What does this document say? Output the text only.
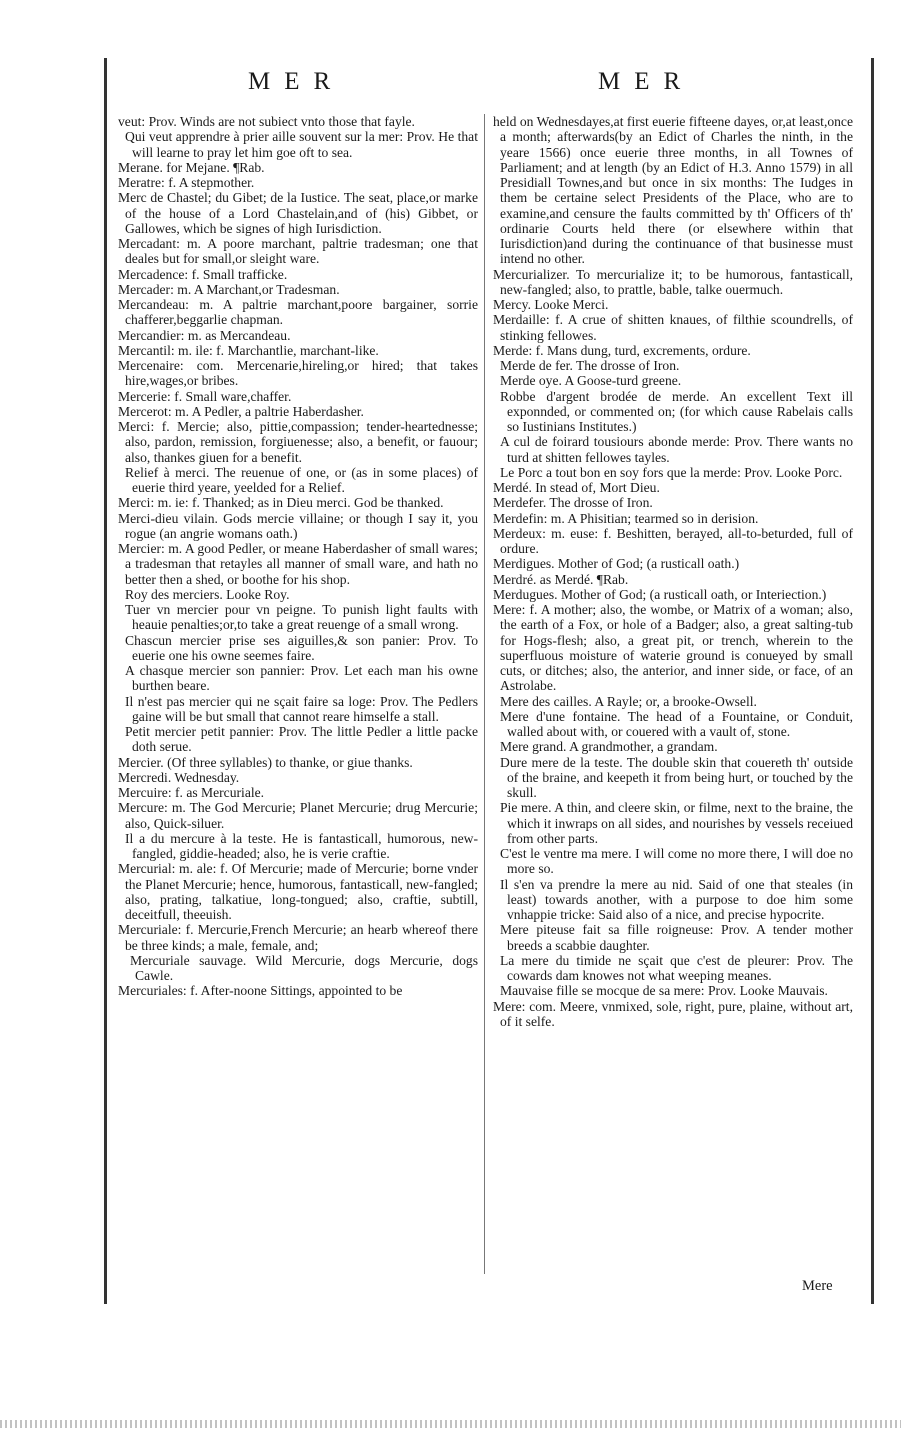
MER	MER

veut: Prov. Winds are not subiect vnto those that fayle.

Qui veut apprendre à prier aille souvent sur la mer: Prov. He that will learne to pray let him goe oft to sea.

Merane. for Mejane. ¶Rab.

Meratre: f. A stepmother.

Merc de Chastel; du Gibet; de la Iustice. The seat, place,or marke of the house of a Lord Chastelain,and of (his) Gibbet, or Gallowes, which be signes of high Iurisdiction.

Mercadant: m. A poore marchant, paltrie tradesman; one that deales but for small,or sleight ware.

Mercadence: f. Small trafficke.

Mercader: m. A Marchant,or Tradesman.

Mercandeau: m. A paltrie marchant,poore bargainer, sorrie chafferer,beggarlie chapman.

Mercandier: m. as Mercandeau.

Mercantil: m. ile: f. Marchantlie, marchant-like.

Mercenaire: com. Mercenarie,hireling,or hired; that takes hire,wages,or bribes.

Mercerie: f. Small ware,chaffer.

Mercerot: m. A Pedler, a paltrie Haberdasher.

Merci: f. Mercie; also, pittie,compassion; tender-heartednesse; also, pardon, remission, forgiuenesse; also, a benefit, or fauour; also, thankes giuen for a benefit.

Relief à merci. The reuenue of one, or (as in some places) of euerie third yeare, yeelded for a Relief.

Merci: m. ie: f. Thanked; as in Dieu merci. God be thanked.

Merci-dieu vilain. Gods mercie villaine; or though I say it, you rogue (an angrie womans oath.)

Mercier: m. A good Pedler, or meane Haberdasher of small wares; a tradesman that retayles all manner of small ware, and hath no better then a shed, or boothe for his shop.

Roy des merciers. Looke Roy.

Tuer vn mercier pour vn peigne. To punish light faults with heauie penalties;or,to take a great reuenge of a small wrong.

Chascun mercier prise ses aiguilles,& son panier: Prov. To euerie one his owne seemes faire.

A chasque mercier son pannier: Prov. Let each man his owne burthen beare.

Il n'est pas mercier qui ne sçait faire sa loge: Prov. The Pedlers gaine will be but small that cannot reare himselfe a stall.

Petit mercier petit pannier: Prov. The little Pedler a little packe doth serue.

Mercier. (Of three syllables) to thanke, or giue thanks.

Mercredi. Wednesday.

Mercuire: f. as Mercuriale.

Mercure: m. The God Mercurie; Planet Mercurie; drug Mercurie; also, Quick-siluer.

Il a du mercure à la teste. He is fantasticall, humorous, new-fangled, giddie-headed; also, he is verie craftie.

Mercurial: m. ale: f. Of Mercurie; made of Mercurie; borne vnder the Planet Mercurie; hence, humorous, fantasticall, new-fangled; also, prating, talkatiue, long-tongued; also, craftie, subtill, deceitfull, theeuish.

Mercuriale: f. Mercurie,French Mercurie; an hearb whereof there be three kinds; a male, female, and;

Mercuriale sauvage. Wild Mercurie, dogs Mercurie, dogs Cawle.

Mercuriales: f. After-noone Sittings, appointed to be

held on Wednesdayes,at first euerie fifteene dayes, or,at least,once a month; afterwards(by an Edict of Charles the ninth, in the yeare 1566) once euerie three months, in all Townes of Parliament; and at length (by an Edict of H.3. Anno 1579) in all Presidiall Townes,and but once in six months: The Iudges in them be certaine select Presidents of the Place, who are to examine,and censure the faults committed by th' Officers of th' ordinarie Courts held there (or elsewhere within that Iurisdiction)and during the continuance of that businesse must intend no other.

Mercurializer. To mercurialize it; to be humorous, fantasticall, new-fangled; also, to prattle, bable, talke ouermuch.

Mercy. Looke Merci.

Merdaille: f. A crue of shitten knaues, of filthie scoundrells, of stinking fellowes.

Merde: f. Mans dung, turd, excrements, ordure.

Merde de fer. The drosse of Iron.

Merde oye. A Goose-turd greene.

Robbe d'argent brodée de merde. An excellent Text ill exponnded, or commented on; (for which cause Rabelais calls so Iustinians Institutes.)

A cul de foirard tousiours abonde merde: Prov. There wants no turd at shitten fellowes tayles.

Le Porc a tout bon en soy fors que la merde: Prov. Looke Porc.

Merdé. In stead of, Mort Dieu.

Merdefer. The drosse of Iron.

Merdefin: m. A Phisitian; tearmed so in derision.

Merdeux: m. euse: f. Beshitten, berayed, all-to-beturded, full of ordure.

Merdigues. Mother of God; (a rusticall oath.)

Merdré. as Merdé. ¶Rab.

Merdugues. Mother of God; (a rusticall oath, or Interiection.)

Mere: f. A mother; also, the wombe, or Matrix of a woman; also, the earth of a Fox, or hole of a Badger; also, a great salting-tub for Hogs-flesh; also, a great pit, or trench, wherein to the superfluous moisture of waterie ground is conueyed by small cuts, or ditches; also, the anterior, and inner side, or face, of an Astrolabe.

Mere des cailles. A Rayle; or, a brooke-Owsell.

Mere d'une fontaine. The head of a Fountaine, or Conduit, walled about with, or couered with a vault of, stone.

Mere grand. A grandmother, a grandam.

Dure mere de la teste. The double skin that couereth th' outside of the braine, and keepeth it from being hurt, or touched by the skull.

Pie mere. A thin, and cleere skin, or filme, next to the braine, the which it inwraps on all sides, and nourishes by vessels receiued from other parts.

C'est le ventre ma mere. I will come no more there, I will doe no more so.

Il s'en va prendre la mere au nid. Said of one that steales (in least) towards another, with a purpose to doe him some vnhappie tricke: Said also of a nice, and precise hypocrite.

Mere piteuse fait sa fille roigneuse: Prov. A tender mother breeds a scabbie daughter.

La mere du timide ne sçait que c'est de pleurer: Prov. The cowards dam knowes not what weeping meanes.

Mauvaise fille se mocque de sa mere: Prov. Looke Mauvais.

Mere: com. Meere, vnmixed, sole, right, pure, plaine, without art, of it selfe.

Mere
